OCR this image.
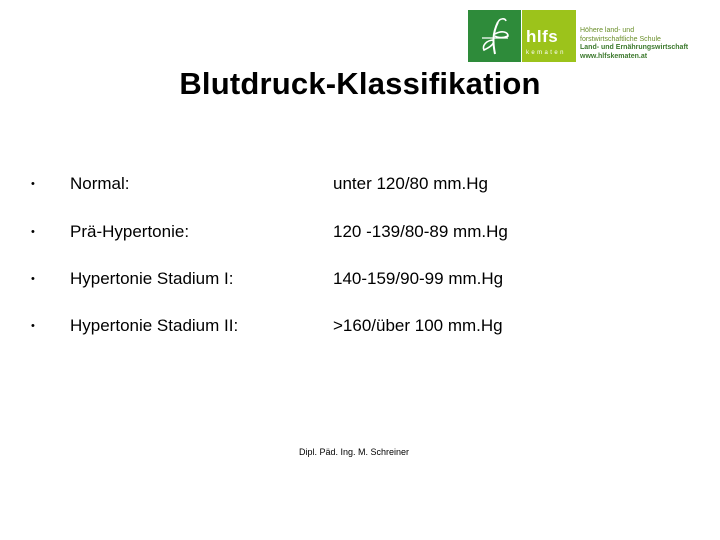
hlfs
kematen
Höhere land- und
forstwirtschaftliche Schule
Land- und Ernährungswirtschaft
www.hlfskematen.at
Blutdruck-Klassifikation
• Normal:	unter 120/80 mm.Hg
• Prä-Hypertonie:	120 -139/80-89 mm.Hg
• Hypertonie Stadium I:	140-159/90-99 mm.Hg
• Hypertonie Stadium II:	>160/über 100 mm.Hg
Dipl. Päd. Ing. M. Schreiner
